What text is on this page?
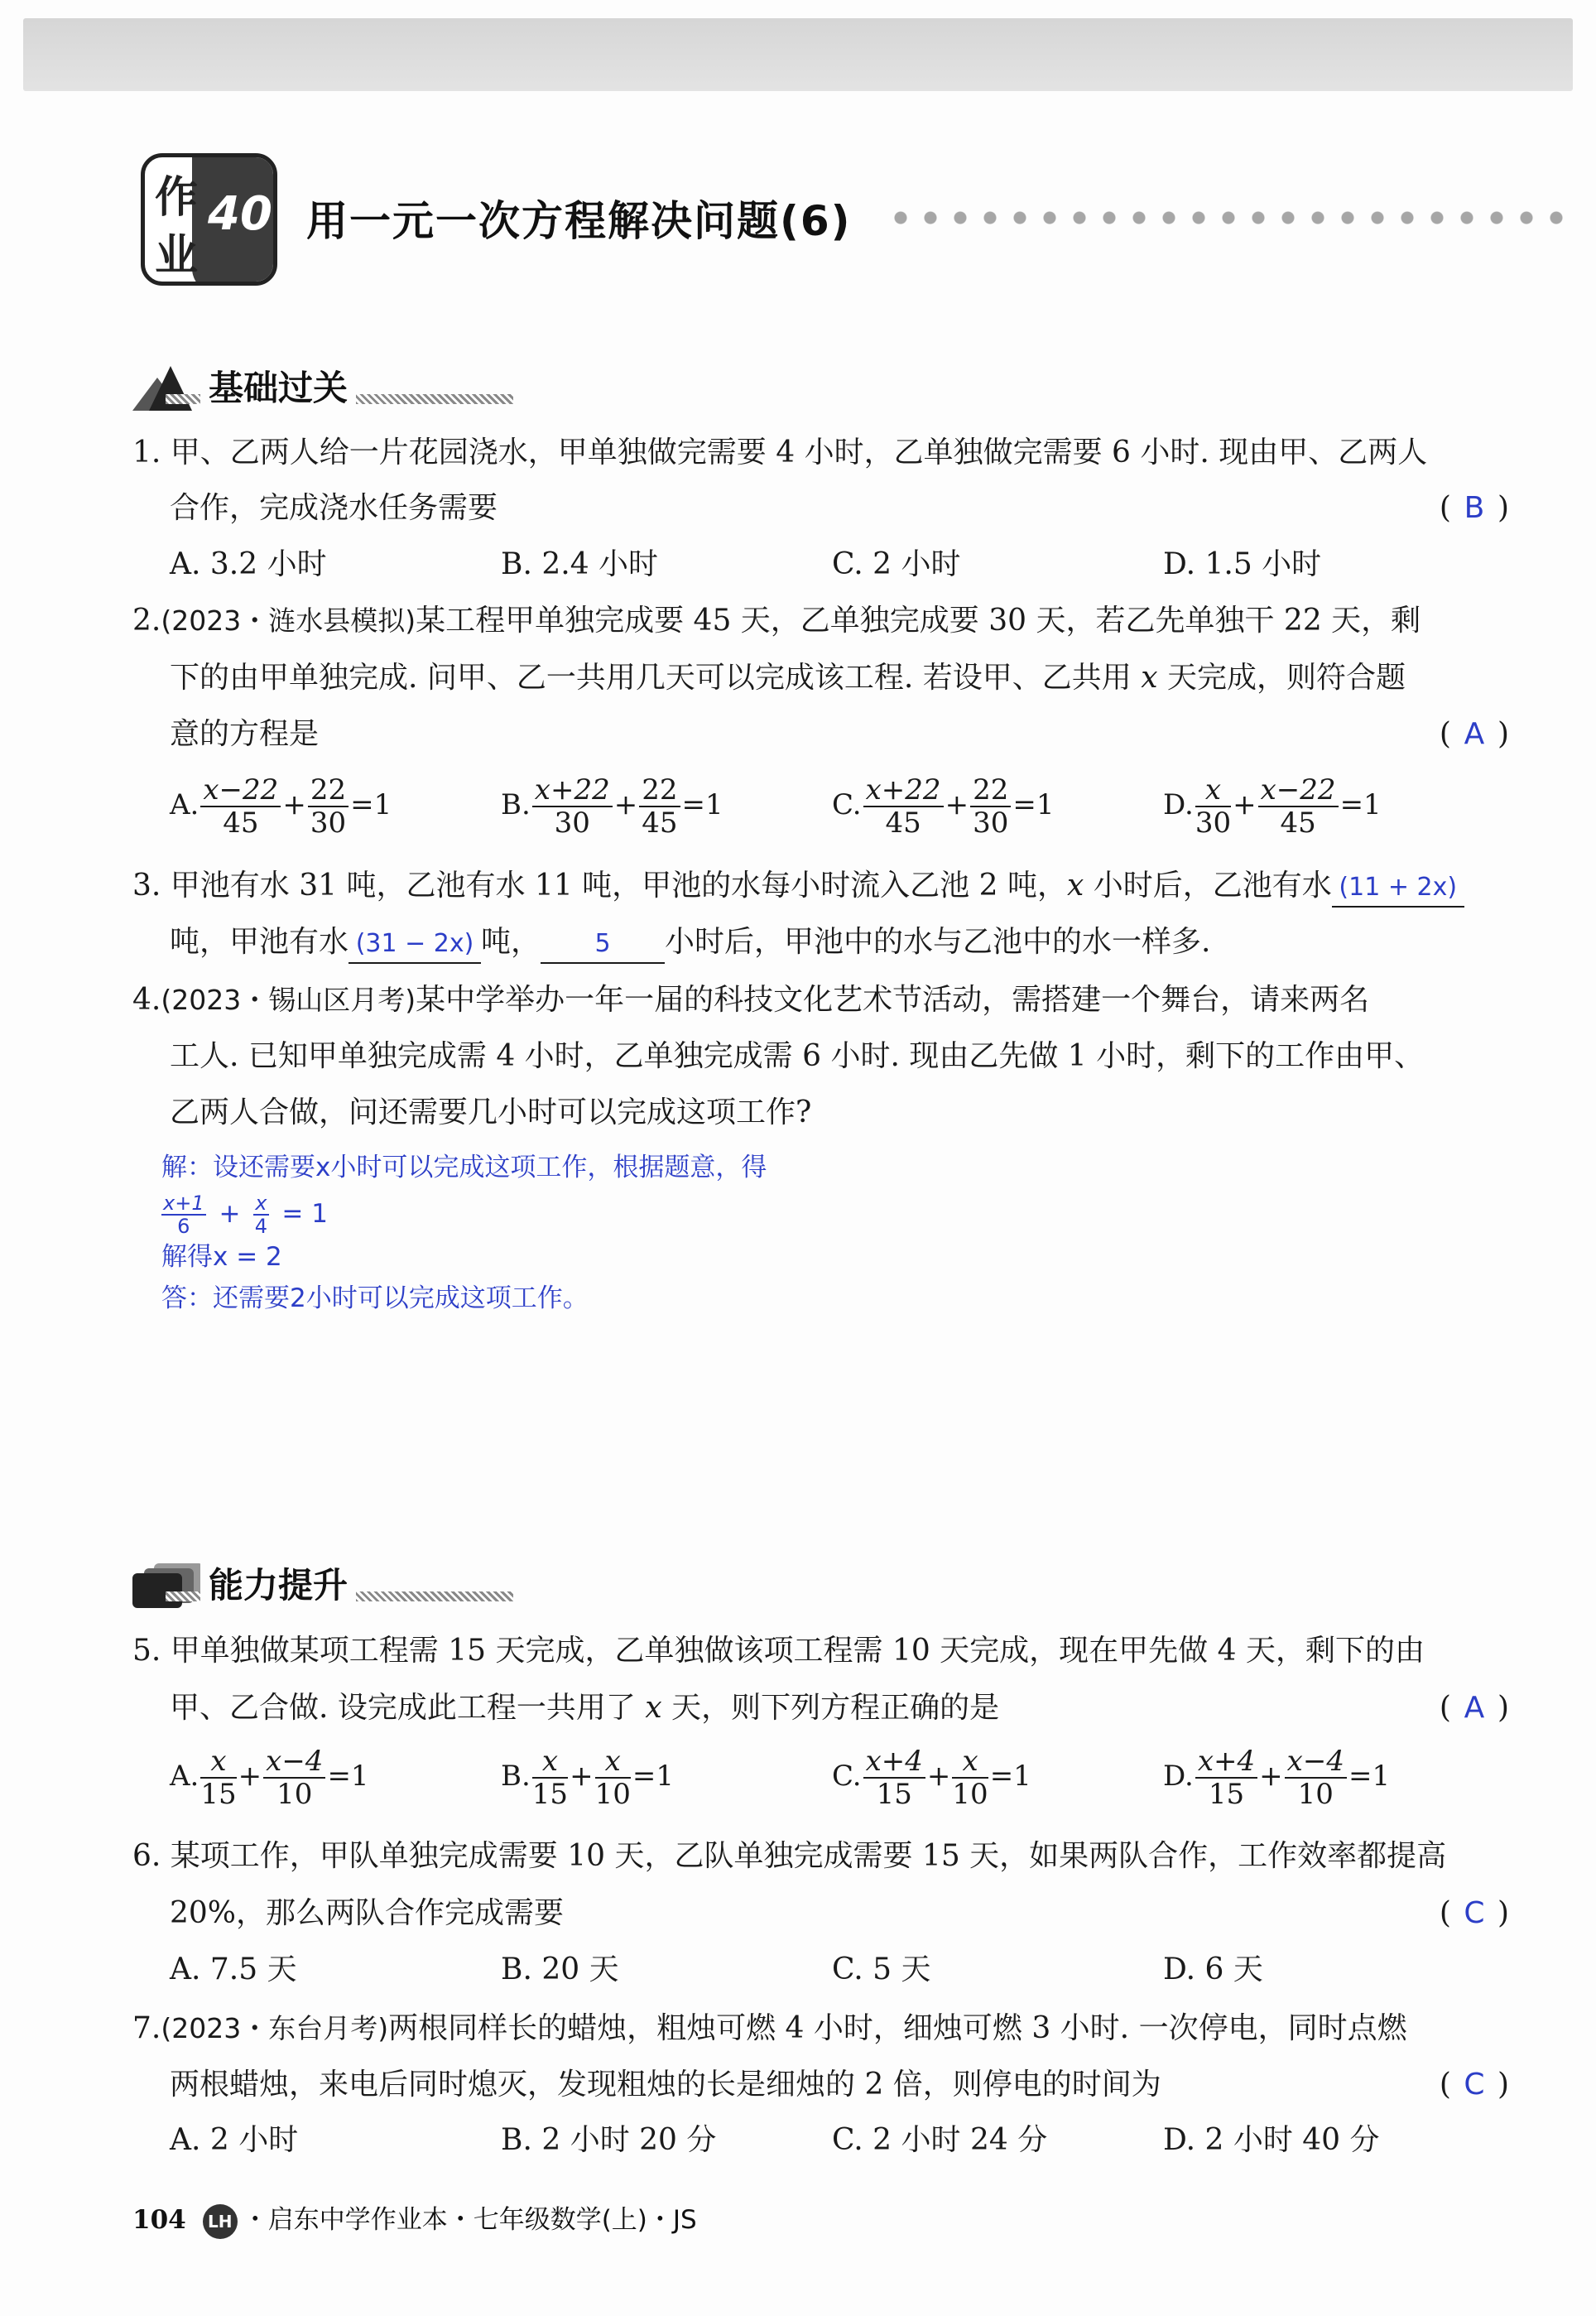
作
业
40 用一元一次方程解决问题(6)
基础过关
1. 甲、乙两人给一片花园浇水，甲单独做完需要 4 小时，乙单独做完需要 6 小时. 现由甲、乙两人
合作，完成浇水任务需要	( B )
A. 3.2 小时	B. 2.4 小时	C. 2 小时	D. 1.5 小时
2.(2023・涟水县模拟)某工程甲单独完成要 45 天，乙单独完成要 30 天，若乙先单独干 22 天，剩
下的由甲单独完成. 问甲、乙一共用几天可以完成该工程. 若设甲、乙共用 x 天完成，则符合题
意的方程是	( A )
A. $\frac{x-22}{45} + \frac{22}{30} =1$	B. $\frac{x+22}{30} + \frac{22}{45} =1$	C. $\frac{x+22}{45} + \frac{22}{30} =1$	D. $\frac{x}{30} + \frac{x-22}{45} =1$
3. 甲池有水 31 吨，乙池有水 11 吨，甲池的水每小时流入乙池 2 吨，x 小时后，乙池有水 (11 + 2x)
吨，甲池有水 (31 − 2x) 吨， 5 小时后，甲池中的水与乙池中的水一样多.
4.(2023・锡山区月考)某中学举办一年一届的科技文化艺术节活动，需搭建一个舞台，请来两名
工人. 已知甲单独完成需 4 小时，乙单独完成需 6 小时. 现由乙先做 1 小时，剩下的工作由甲、
乙两人合做，问还需要几小时可以完成这项工作?
解：设还需要x小时可以完成这项工作，根据题意，得
$\frac{x+1}{6} + \frac{x}{4} = 1$
解得x = 2
答：还需要2小时可以完成这项工作。
能力提升
5. 甲单独做某项工程需 15 天完成，乙单独做该项工程需 10 天完成，现在甲先做 4 天，剩下的由
甲、乙合做. 设完成此工程一共用了 x 天，则下列方程正确的是	( A )
A. $\frac{x}{15} + \frac{x-4}{10} =1$	B. $\frac{x}{15} + \frac{x}{10} =1$	C. $\frac{x+4}{15} + \frac{x}{10} =1$	D. $\frac{x+4}{15} + \frac{x-4}{10} =1$
6. 某项工作，甲队单独完成需要 10 天，乙队单独完成需要 15 天，如果两队合作，工作效率都提高
20%，那么两队合作完成需要	( C )
A. 7.5 天	B. 20 天	C. 5 天	D. 6 天
7.(2023・东台月考)两根同样长的蜡烛，粗烛可燃 4 小时，细烛可燃 3 小时. 一次停电，同时点燃
两根蜡烛，来电后同时熄灭，发现粗烛的长是细烛的 2 倍，则停电的时间为	( C )
A. 2 小时	B. 2 小时 20 分	C. 2 小时 24 分	D. 2 小时 40 分
104 LH ・启东中学作业本・七年级数学(上)・JS
